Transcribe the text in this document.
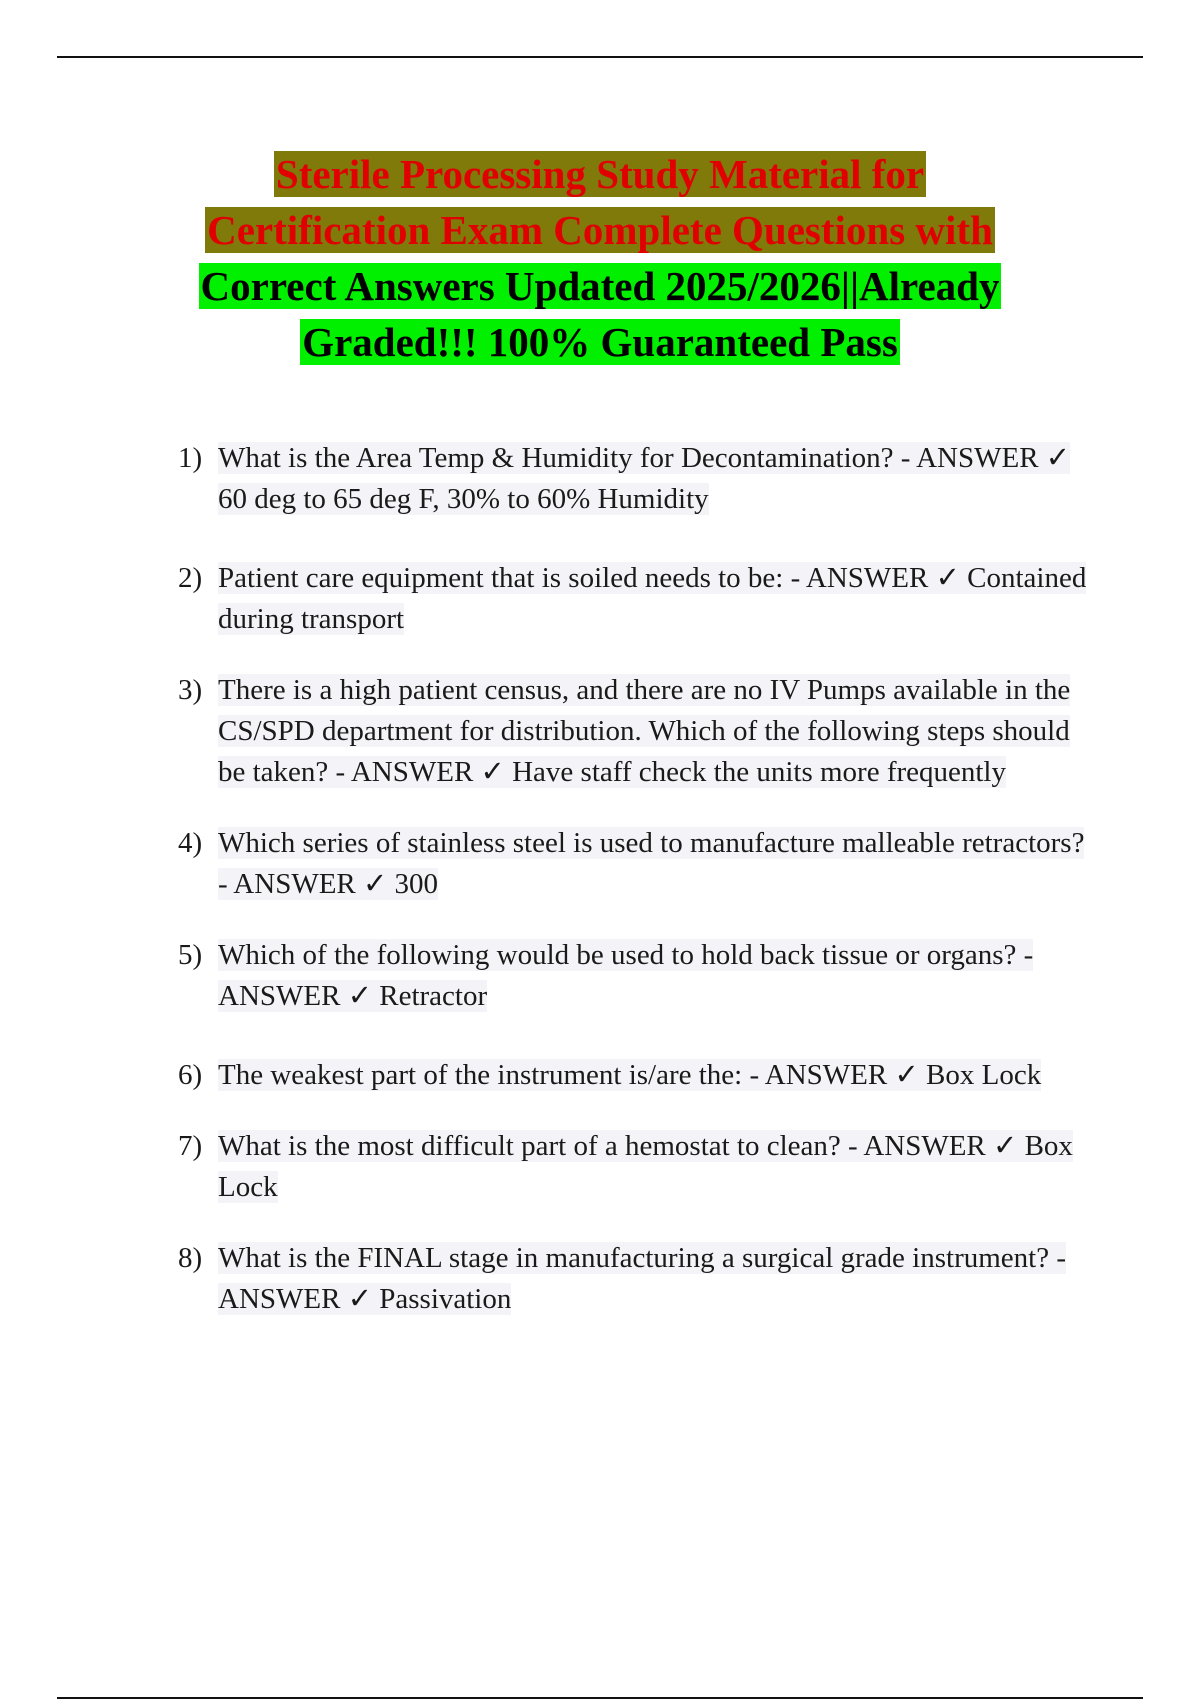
Sterile Processing Study Material for
Certification Exam Complete Questions with
Correct Answers Updated 2025/2026||Already
Graded!!! 100% Guaranteed Pass
1) What is the Area Temp & Humidity for Decontamination? - ANSWER ✓ 60 deg to 65 deg F, 30% to 60% Humidity
2) Patient care equipment that is soiled needs to be: - ANSWER ✓ Contained during transport
3) There is a high patient census, and there are no IV Pumps available in the CS/SPD department for distribution. Which of the following steps should be taken? - ANSWER ✓ Have staff check the units more frequently
4) Which series of stainless steel is used to manufacture malleable retractors? - ANSWER ✓ 300
5) Which of the following would be used to hold back tissue or organs? - ANSWER ✓ Retractor
6) The weakest part of the instrument is/are the: - ANSWER ✓ Box Lock
7) What is the most difficult part of a hemostat to clean? - ANSWER ✓ Box Lock
8) What is the FINAL stage in manufacturing a surgical grade instrument? - ANSWER ✓ Passivation
